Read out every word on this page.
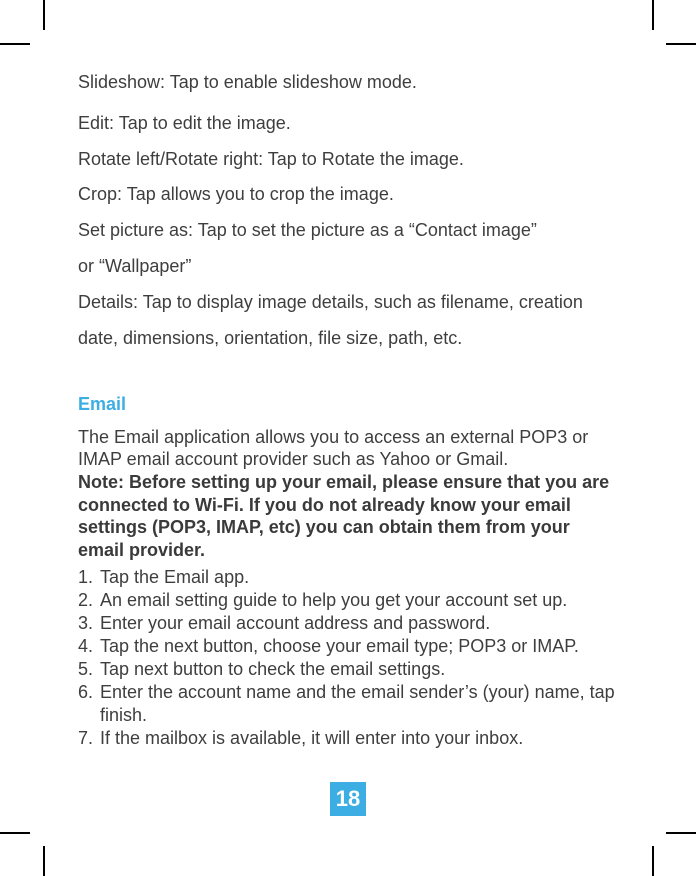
Slideshow: Tap to enable slideshow mode.
Edit: Tap to edit the image.
Rotate left/Rotate right: Tap to Rotate the image.
Crop: Tap allows you to crop the image.
Set picture as: Tap to set the picture as a “Contact image”
or “Wallpaper”
Details: Tap to display image details, such as filename, creation
date, dimensions, orientation, file size, path, etc.
Email
The Email application allows you to access an external POP3 or IMAP email account provider such as Yahoo or Gmail.
Note: Before setting up your email, please ensure that you are connected to Wi-Fi. If you do not already know your email settings (POP3, IMAP, etc) you can obtain them from your email provider.
1. Tap the Email app.
2. An email setting guide to help you get your account set up.
3. Enter your email account address and password.
4. Tap the next button, choose your email type; POP3 or IMAP.
5. Tap next button to check the email settings.
6. Enter the account name and the email sender’s (your) name, tap finish.
7. If the mailbox is available, it will enter into your inbox.
18
